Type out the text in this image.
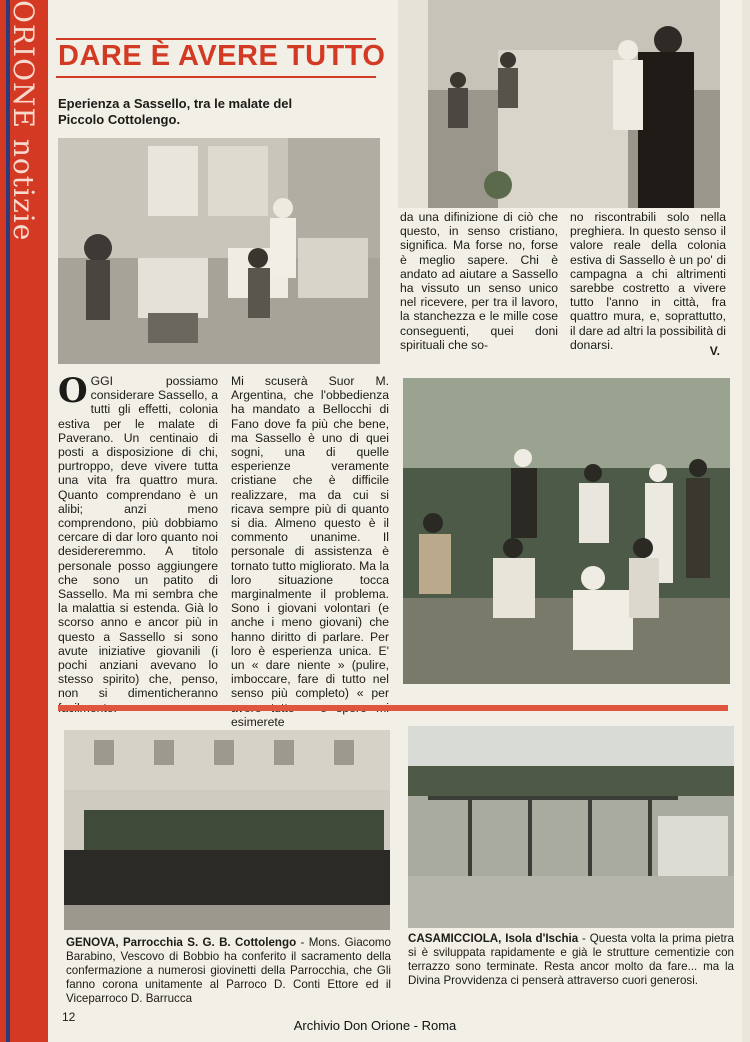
ORIONE notizie DARE È AVERE TUTTO

Eperienza a Sassello, tra le malate del Piccolo Cottolengo.

OGGI possiamo considerare Sassello, a tutti gli effetti, colonia estiva per le malate di Paverano. Un centinaio di posti a disposizione di chi, purtroppo, deve vivere tutta una vita fra quattro mura. Quanto comprendano è un alibi; anzi meno comprendono, più dobbiamo cercare di dar loro quanto noi desidereremmo. A titolo personale posso aggiungere che sono un patito di Sassello. Ma mi sembra che la malattia si estenda. Già lo scorso anno e ancor più in questo a Sassello si sono avute iniziative giovanili (i pochi anziani avevano lo stesso spirito) che, penso, non si dimenticheranno

Mi scuserà Suor M. Argentina, che l'obbedienza ha mandato a Bellocchi di Fano dove fa più che bene, ma Sassello è uno di quei sogni, una di quelle esperienze veramente cristiane che è difficile realizzare, ma da cui si ricava sempre più di quanto si dia. Almeno questo è il commento unanime. Il personale di assistenza è tornato tutto migliorato. Ma la loro situazione tocca marginalmente il problema. Sono i giovani volontari (e anche i meno giovani) che hanno diritto di parlare. Per loro è esperienza unica. E' un « dare niente » (pulire, imboccare, fare di tutto nel senso più completo) « per esimerete

da una difinizione di ciò che questo, in senso cristiano, significa. Ma forse no, forse è meglio sapere. Chi è andato ad aiutare a Sassello ha vissuto un senso unico nel ricevere, per tra il lavoro, la stanchezza e le mille cose conseguenti, quei doni spirituali che so-

no riscontrabili solo nella preghiera. In questo senso il valore reale della colonia estiva di Sassello è un po' di campagna a chi altrimenti sarebbe costretto a vivere tutto l'anno in città, fra quattro mura, e, soprattutto, il dare ad altri la possibilità di donarsi.	V.

GENOVA, Parrocchia S. G. B. Cottolengo - Mons. Giacomo Barabino, Vescovo di Bobbio ha conferito il sacramento della confermazione a numerosi giovinetti della Parrocchia, che Gli fanno corona unitamente al Parroco D. Conti Ettore ed il Viceparroco D. Barrucca

CASAMICCIOLA, Isola d'Ischia - Questa volta la prima pietra si è sviluppata rapidamente e già le strutture cementizie con terrazzo sono terminate. Resta ancor molto da fare... ma la Divina Provvidenza ci penserà attraverso cuori generosi.

12
Archivio Don Orione - Roma
